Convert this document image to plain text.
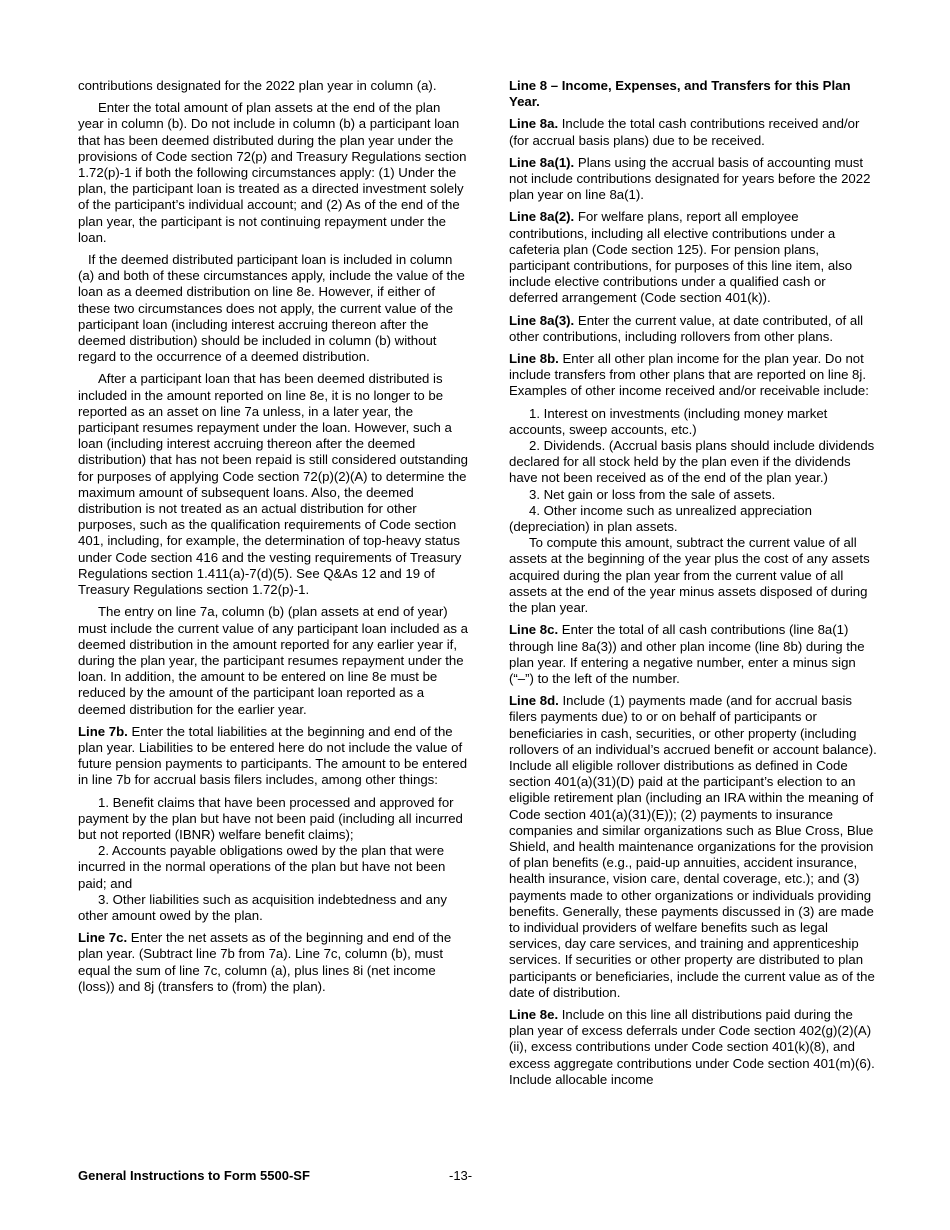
contributions designated for the 2022 plan year in column (a).

Enter the total amount of plan assets at the end of the plan year in column (b). Do not include in column (b) a participant loan that has been deemed distributed during the plan year under the provisions of Code section 72(p) and Treasury Regulations section 1.72(p)-1 if both the following circumstances apply: (1) Under the plan, the participant loan is treated as a directed investment solely of the participant’s individual account; and (2) As of the end of the plan year, the participant is not continuing repayment under the loan.

If the deemed distributed participant loan is included in column (a) and both of these circumstances apply, include the value of the loan as a deemed distribution on line 8e. However, if either of these two circumstances does not apply, the current value of the participant loan (including interest accruing thereon after the deemed distribution) should be included in column (b) without regard to the occurrence of a deemed distribution.

After a participant loan that has been deemed distributed is included in the amount reported on line 8e, it is no longer to be reported as an asset on line 7a unless, in a later year, the participant resumes repayment under the loan. However, such a loan (including interest accruing thereon after the deemed distribution) that has not been repaid is still considered outstanding for purposes of applying Code section 72(p)(2)(A) to determine the maximum amount of subsequent loans. Also, the deemed distribution is not treated as an actual distribution for other purposes, such as the qualification requirements of Code section 401, including, for example, the determination of top-heavy status under Code section 416 and the vesting requirements of Treasury Regulations section 1.411(a)-7(d)(5). See Q&As 12 and 19 of Treasury Regulations section 1.72(p)-1.

The entry on line 7a, column (b) (plan assets at end of year) must include the current value of any participant loan included as a deemed distribution in the amount reported for any earlier year if, during the plan year, the participant resumes repayment under the loan. In addition, the amount to be entered on line 8e must be reduced by the amount of the participant loan reported as a deemed distribution for the earlier year.

Line 7b. Enter the total liabilities at the beginning and end of the plan year. Liabilities to be entered here do not include the value of future pension payments to participants. The amount to be entered in line 7b for accrual basis filers includes, among other things:

1. Benefit claims that have been processed and approved for payment by the plan but have not been paid (including all incurred but not reported (IBNR) welfare benefit claims);

2. Accounts payable obligations owed by the plan that were incurred in the normal operations of the plan but have not been paid; and

3. Other liabilities such as acquisition indebtedness and any other amount owed by the plan.

Line 7c. Enter the net assets as of the beginning and end of the plan year. (Subtract line 7b from 7a). Line 7c, column (b), must equal the sum of line 7c, column (a), plus lines 8i (net income (loss)) and 8j (transfers to (from) the plan).

Line 8 – Income, Expenses, and Transfers for this Plan Year.

Line 8a. Include the total cash contributions received and/or (for accrual basis plans) due to be received.

Line 8a(1). Plans using the accrual basis of accounting must not include contributions designated for years before the 2022 plan year on line 8a(1).

Line 8a(2). For welfare plans, report all employee contributions, including all elective contributions under a cafeteria plan (Code section 125). For pension plans, participant contributions, for purposes of this line item, also include elective contributions under a qualified cash or deferred arrangement (Code section 401(k)).

Line 8a(3). Enter the current value, at date contributed, of all other contributions, including rollovers from other plans.

Line 8b. Enter all other plan income for the plan year. Do not include transfers from other plans that are reported on line 8j. Examples of other income received and/or receivable include:

1. Interest on investments (including money market accounts, sweep accounts, etc.)

2. Dividends. (Accrual basis plans should include dividends declared for all stock held by the plan even if the dividends have not been received as of the end of the plan year.)

3. Net gain or loss from the sale of assets.

4. Other income such as unrealized appreciation (depreciation) in plan assets.

To compute this amount, subtract the current value of all assets at the beginning of the year plus the cost of any assets acquired during the plan year from the current value of all assets at the end of the year minus assets disposed of during the plan year.

Line 8c. Enter the total of all cash contributions (line 8a(1) through line 8a(3)) and other plan income (line 8b) during the plan year. If entering a negative number, enter a minus sign (“–”) to the left of the number.

Line 8d. Include (1) payments made (and for accrual basis filers payments due) to or on behalf of participants or beneficiaries in cash, securities, or other property (including rollovers of an individual’s accrued benefit or account balance). Include all eligible rollover distributions as defined in Code section 401(a)(31)(D) paid at the participant’s election to an eligible retirement plan (including an IRA within the meaning of Code section 401(a)(31)(E)); (2) payments to insurance companies and similar organizations such as Blue Cross, Blue Shield, and health maintenance organizations for the provision of plan benefits (e.g., paid-up annuities, accident insurance, health insurance, vision care, dental coverage, etc.); and (3) payments made to other organizations or individuals providing benefits. Generally, these payments discussed in (3) are made to individual providers of welfare benefits such as legal services, day care services, and training and apprenticeship services. If securities or other property are distributed to plan participants or beneficiaries, include the current value as of the date of distribution.

Line 8e. Include on this line all distributions paid during the plan year of excess deferrals under Code section 402(g)(2)(A)(ii), excess contributions under Code section 401(k)(8), and excess aggregate contributions under Code section 401(m)(6). Include allocable income

General Instructions to Form 5500-SF	-13-
